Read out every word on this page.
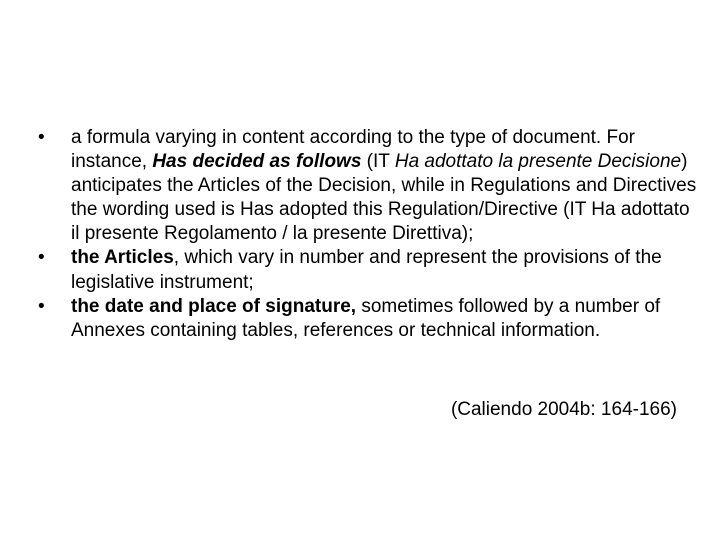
•	a formula varying in content according to the type of document. For instance, Has decided as follows (IT Ha adottato la presente Decisione) anticipates the Articles of the Decision, while in Regulations and Directives the wording used is Has adopted this Regulation/Directive (IT Ha adottato il presente Regolamento / la presente Direttiva);
•	the Articles, which vary in number and represent the provisions of the legislative instrument;
•	the date and place of signature, sometimes followed by a number of Annexes containing tables, references or technical information.
(Caliendo 2004b: 164-166)
